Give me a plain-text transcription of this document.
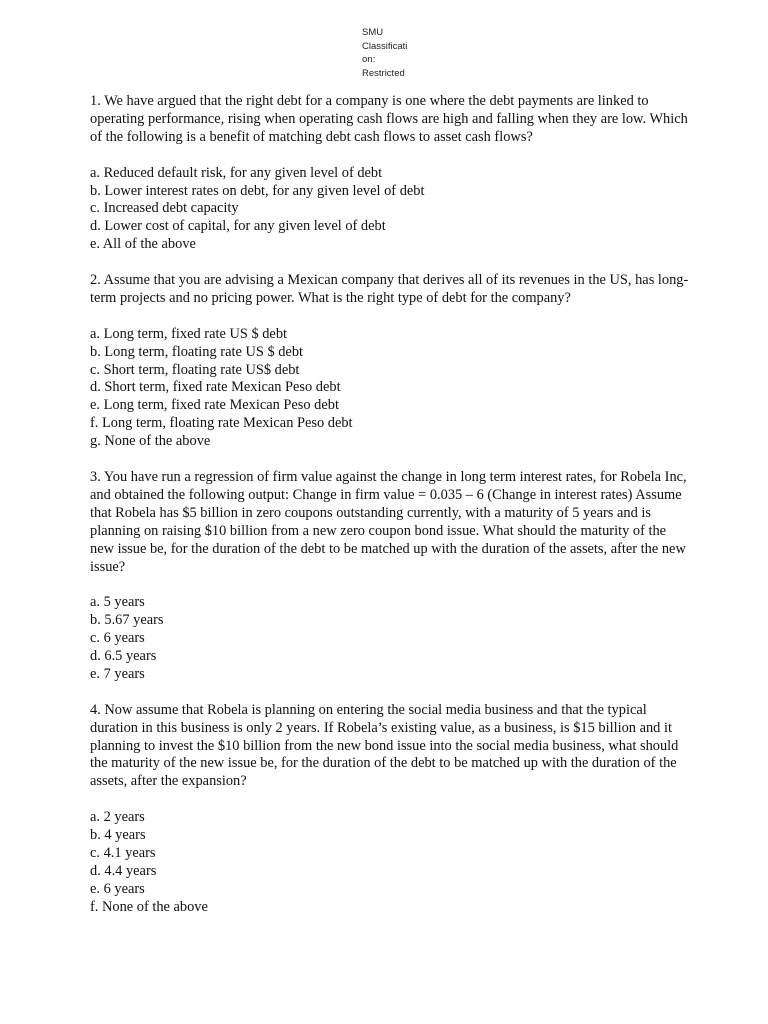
SMU
Classificati
on:
Restricted
1. We have argued that the right debt for a company is one where the debt payments are linked to operating performance, rising when operating cash flows are high and falling when they are low. Which of the following is a benefit of matching debt cash flows to asset cash flows?
a. Reduced default risk, for any given level of debt
b. Lower interest rates on debt, for any given level of debt
c. Increased debt capacity
d. Lower cost of capital, for any given level of debt
e. All of the above
2. Assume that you are advising a Mexican company that derives all of its revenues in the US, has long-term projects and no pricing power. What is the right type of debt for the company?
a. Long term, fixed rate US $ debt
b. Long term, floating rate US $ debt
c. Short term, floating rate US$ debt
d. Short term, fixed rate Mexican Peso debt
e. Long term, fixed rate Mexican Peso debt
f. Long term, floating rate Mexican Peso debt
g. None of the above
3. You have run a regression of firm value against the change in long term interest rates, for Robela Inc, and obtained the following output: Change in firm value = 0.035 – 6 (Change in interest rates) Assume that Robela has $5 billion in zero coupons outstanding currently, with a maturity of 5 years and is planning on raising $10 billion from a new zero coupon bond issue. What should the maturity of the new issue be, for the duration of the debt to be matched up with the duration of the assets, after the new issue?
a. 5 years
b. 5.67 years
c. 6 years
d. 6.5 years
e. 7 years
4. Now assume that Robela is planning on entering the social media business and that the typical duration in this business is only 2 years. If Robela’s existing value, as a business, is $15 billion and it planning to invest the $10 billion from the new bond issue into the social media business, what should the maturity of the new issue be, for the duration of the debt to be matched up with the duration of the assets, after the expansion?
a. 2 years
b. 4 years
c. 4.1 years
d. 4.4 years
e. 6 years
f. None of the above
